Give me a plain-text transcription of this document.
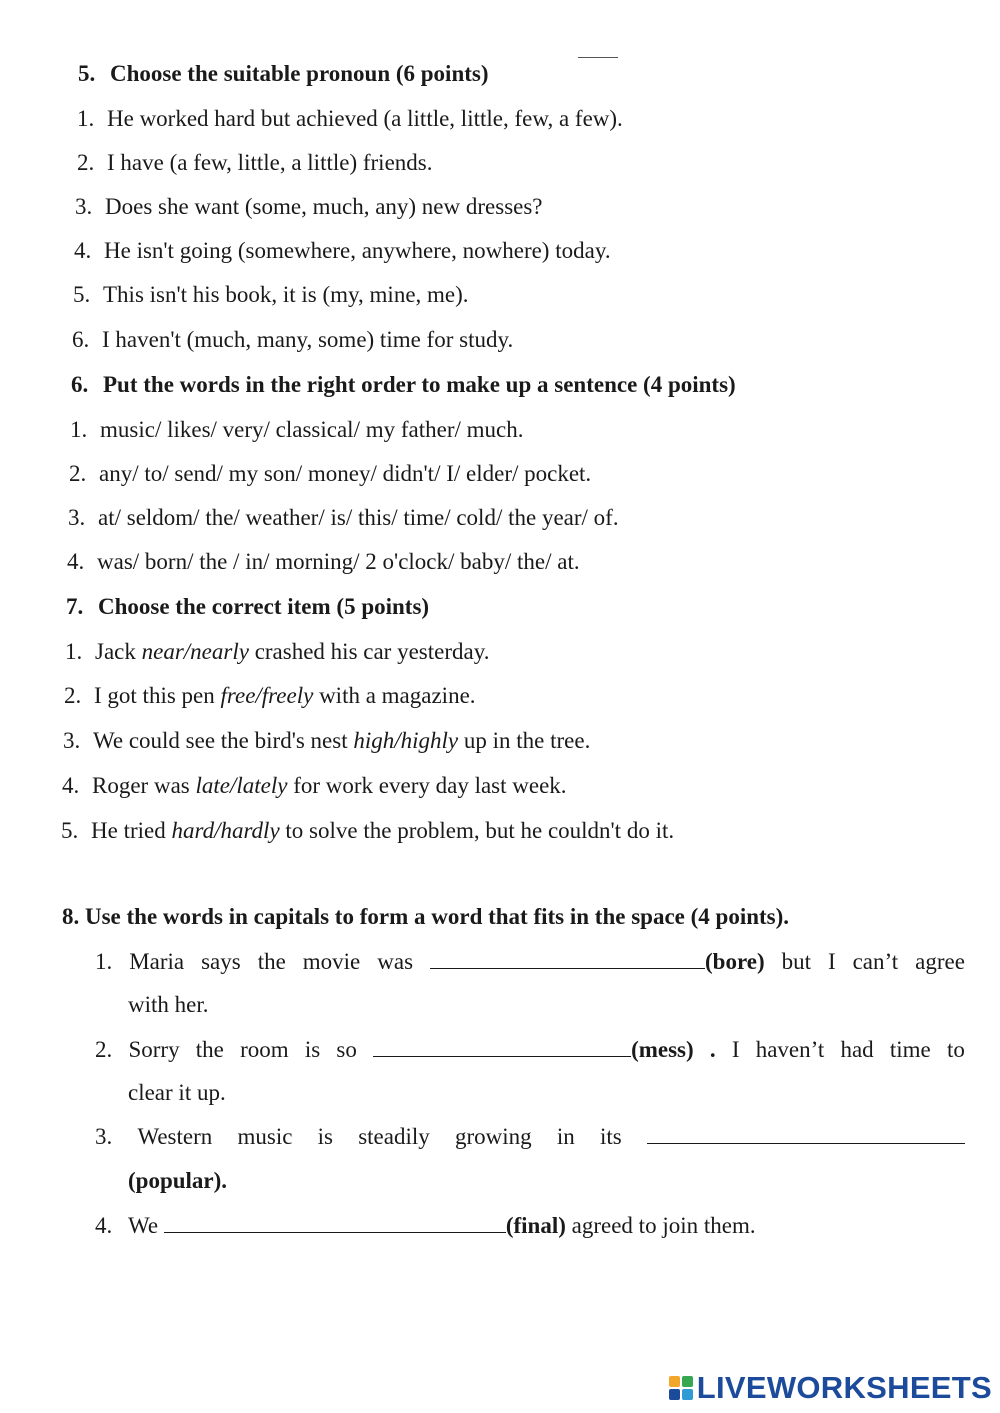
5. Choose the suitable pronoun (6 points)
1. He worked hard but achieved (a little, little, few, a few).
2. I have (a few, little, a little) friends.
3. Does she want (some, much, any) new dresses?
4. He isn't going (somewhere, anywhere, nowhere) today.
5. This isn't his book, it is (my, mine, me).
6. I haven't (much, many, some) time for study.
6. Put the words in the right order to make up a sentence (4 points)
1. music/ likes/ very/ classical/ my father/ much.
2. any/ to/ send/ my son/ money/ didn't/ I/ elder/ pocket.
3. at/ seldom/ the/ weather/ is/ this/ time/ cold/ the year/ of.
4. was/ born/ the / in/ morning/ 2 o'clock/ baby/ the/ at.
7. Choose the correct item (5 points)
1. Jack near/nearly crashed his car yesterday.
2. I got this pen free/freely with a magazine.
3. We could see the bird's nest high/highly up in the tree.
4. Roger was late/lately for work every day last week.
5. He tried hard/hardly to solve the problem, but he couldn't do it.
8. Use the words in capitals to form a word that fits in the space (4 points).
1. Maria says the movie was	(bore) but I can’t agree
with her.
2. Sorry the room is so	(mess) . I haven’t had time to
clear it up.
3. Western music is steadily growing in its
(popular).
4. We	(final) agreed to join them.
LIVEWORKSHEETS
